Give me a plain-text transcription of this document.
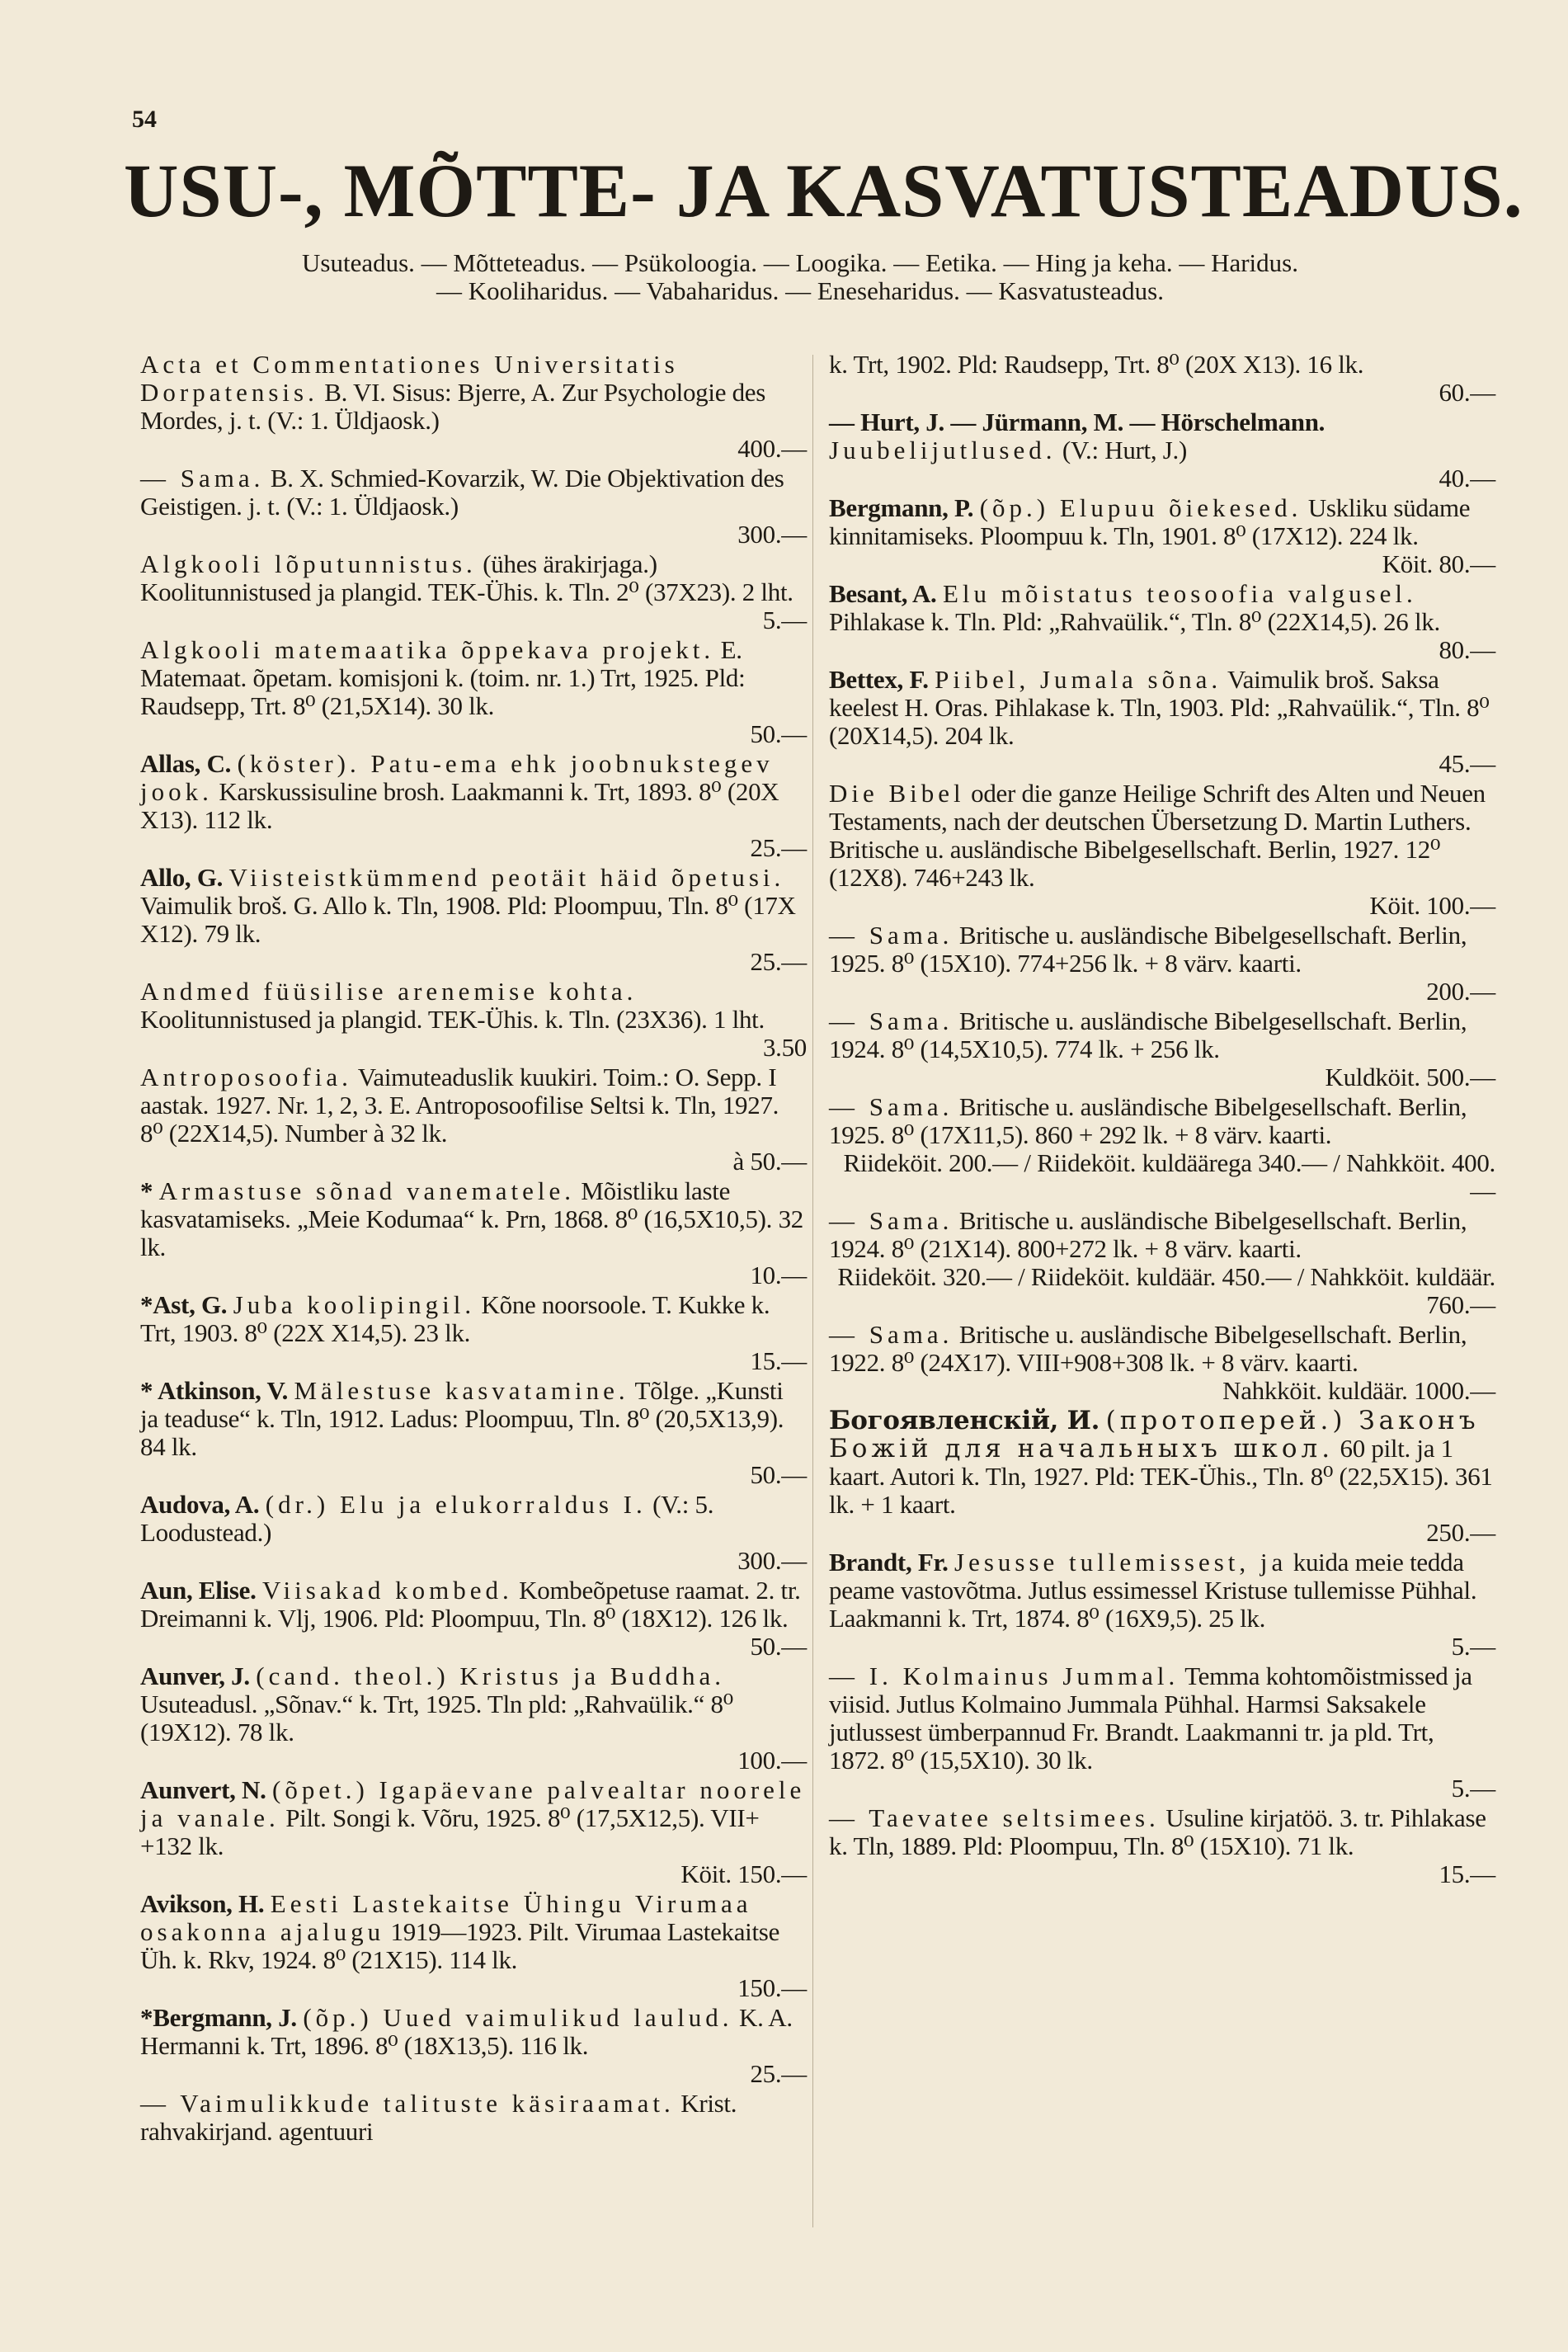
54
USU-, MÕTTE- JA KASVATUSTEADUS.
Usuteadus. — Mõtteteadus. — Psükoloogia. — Loogika. — Eetika. — Hing ja keha. — Haridus.
— Kooliharidus. — Vabaharidus. — Eneseharidus. — Kasvatusteadus.
Acta et Commentationes Universitatis Dorpatensis. B. VI. Sisus: Bjerre, A. Zur Psychologie des Mordes, j. t. (V.: 1. Üldjaosk.)
400.—
— Sama. B. X. Schmied-Kovarzik, W. Die Objektivation des Geistigen. j. t. (V.: 1. Üldjaosk.)
300.—
Algkooli lõputunnistus. (ühes ärakirjaga.) Koolitunnistused ja plangid. TEK-Ühis. k. Tln. 2⁰ (37X23). 2 lht.
5.—
Algkooli matemaatika õppekava projekt. E. Matemaat. õpetam. komisjoni k. (toim. nr. 1.) Trt, 1925. Pld: Raudsepp, Trt. 8⁰ (21,5X14). 30 lk.
50.—
Allas, C. (köster). Patu-ema ehk joobnukstegev jook. Karskussisuline brosh. Laakmanni k. Trt, 1893. 8⁰ (20X X13). 112 lk.
25.—
Allo, G. Viisteistkümmend peotäit häid õpetusi. Vaimulik broš. G. Allo k. Tln, 1908. Pld: Ploompuu, Tln. 8⁰ (17X X12). 79 lk.
25.—
Andmed füüsilise arenemise kohta. Koolitunnistused ja plangid. TEK-Ühis. k. Tln. (23X36). 1 lht.
3.50
Antroposoofia. Vaimuteaduslik kuukiri. Toim.: O. Sepp. I aastak. 1927. Nr. 1, 2, 3. E. Antroposoofilise Seltsi k. Tln, 1927. 8⁰ (22X14,5). Number à 32 lk.
à 50.—
* Armastuse sõnad vanematele. Mõistliku laste kasvatamiseks. „Meie Kodumaa“ k. Prn, 1868. 8⁰ (16,5X10,5). 32 lk.
10.—
*Ast, G. Juba koolipingil. Kõne noorsoole. T. Kukke k. Trt, 1903. 8⁰ (22X X14,5). 23 lk.
15.—
* Atkinson, V. Mälestuse kasvatamine. Tõlge. „Kunsti ja teaduse“ k. Tln, 1912. Ladus: Ploompuu, Tln. 8⁰ (20,5X13,9). 84 lk.
50.—
Audova, A. (dr.) Elu ja elukorraldus I. (V.: 5. Loodustead.)
300.—
Aun, Elise. Viisakad kombed. Kombeõpetuse raamat. 2. tr. Dreimanni k. Vlj, 1906. Pld: Ploompuu, Tln. 8⁰ (18X12). 126 lk.
50.—
Aunver, J. (cand. theol.) Kristus ja Buddha. Usuteadusl. „Sõnav.“ k. Trt, 1925. Tln pld: „Rahvaülik.“ 8⁰ (19X12). 78 lk.
100.—
Aunvert, N. (õpet.) Igapäevane palvealtar noorele ja vanale. Pilt. Songi k. Võru, 1925. 8⁰ (17,5X12,5). VII+ +132 lk.
Köit. 150.—
Avikson, H. Eesti Lastekaitse Ühingu Virumaa osakonna ajalugu 1919—1923. Pilt. Virumaa Lastekaitse Üh. k. Rkv, 1924. 8⁰ (21X15). 114 lk.
150.—
*Bergmann, J. (õp.) Uued vaimulikud laulud. K. A. Hermanni k. Trt, 1896. 8⁰ (18X13,5). 116 lk.
25.—
— Vaimulikkude talituste käsiraamat. Krist. rahvakirjand. agentuuri
k. Trt, 1902. Pld: Raudsepp, Trt. 8⁰ (20X X13). 16 lk.
60.—
— Hurt, J. — Jürmann, M. — Hörschelmann. Juubelijutlused. (V.: Hurt, J.)
40.—
Bergmann, P. (õp.) Elupuu õiekesed. Uskliku südame kinnitamiseks. Ploompuu k. Tln, 1901. 8⁰ (17X12). 224 lk.
Köit. 80.—
Besant, A. Elu mõistatus teosoofia valgusel. Pihlakase k. Tln. Pld: „Rahvaülik.“, Tln. 8⁰ (22X14,5). 26 lk.
80.—
Bettex, F. Piibel, Jumala sõna. Vaimulik broš. Saksa keelest H. Oras. Pihlakase k. Tln, 1903. Pld: „Rahvaülik.“, Tln. 8⁰ (20X14,5). 204 lk.
45.—
Die Bibel oder die ganze Heilige Schrift des Alten und Neuen Testaments, nach der deutschen Übersetzung D. Martin Luthers. Britische u. ausländische Bibelgesellschaft. Berlin, 1927. 12⁰ (12X8). 746+243 lk.
Köit. 100.—
— Sama. Britische u. ausländische Bibelgesellschaft. Berlin, 1925. 8⁰ (15X10). 774+256 lk. + 8 värv. kaarti.
200.—
— Sama. Britische u. ausländische Bibelgesellschaft. Berlin, 1924. 8⁰ (14,5X10,5). 774 lk. + 256 lk.
Kuldköit. 500.—
— Sama. Britische u. ausländische Bibelgesellschaft. Berlin, 1925. 8⁰ (17X11,5). 860 + 292 lk. + 8 värv. kaarti.
Riideköit. 200.— / Riideköit. kuldäärega 340.— / Nahkköit. 400.—
— Sama. Britische u. ausländische Bibelgesellschaft. Berlin, 1924. 8⁰ (21X14). 800+272 lk. + 8 värv. kaarti.
Riideköit. 320.— / Riideköit. kuldäär. 450.— / Nahkköit. kuldäär. 760.—
— Sama. Britische u. ausländische Bibelgesellschaft. Berlin, 1922. 8⁰ (24X17). VIII+908+308 lk. + 8 värv. kaarti.
Nahkköit. kuldäär. 1000.—
Богоявленскій, И. (протоперей.) Законъ Божій для начальныхъ школ. 60 pilt. ja 1 kaart. Autori k. Tln, 1927. Pld: TEK-Ühis., Tln. 8⁰ (22,5X15). 361 lk. + 1 kaart.
250.—
Brandt, Fr. Jesusse tullemissest, ja kuida meie tedda peame vastovõtma. Jutlus essimessel Kristuse tullemisse Pühhal. Laakmanni k. Trt, 1874. 8⁰ (16X9,5). 25 lk.
5.—
— I. Kolmainus Jummal. Temma kohtomõistmissed ja viisid. Jutlus Kolmaino Jummala Pühhal. Harmsi Saksakele jutlussest ümberpannud Fr. Brandt. Laakmanni tr. ja pld. Trt, 1872. 8⁰ (15,5X10). 30 lk.
5.—
— Taevatee seltsimees. Usuline kirjatöö. 3. tr. Pihlakase k. Tln, 1889. Pld: Ploompuu, Tln. 8⁰ (15X10). 71 lk.
15.—
